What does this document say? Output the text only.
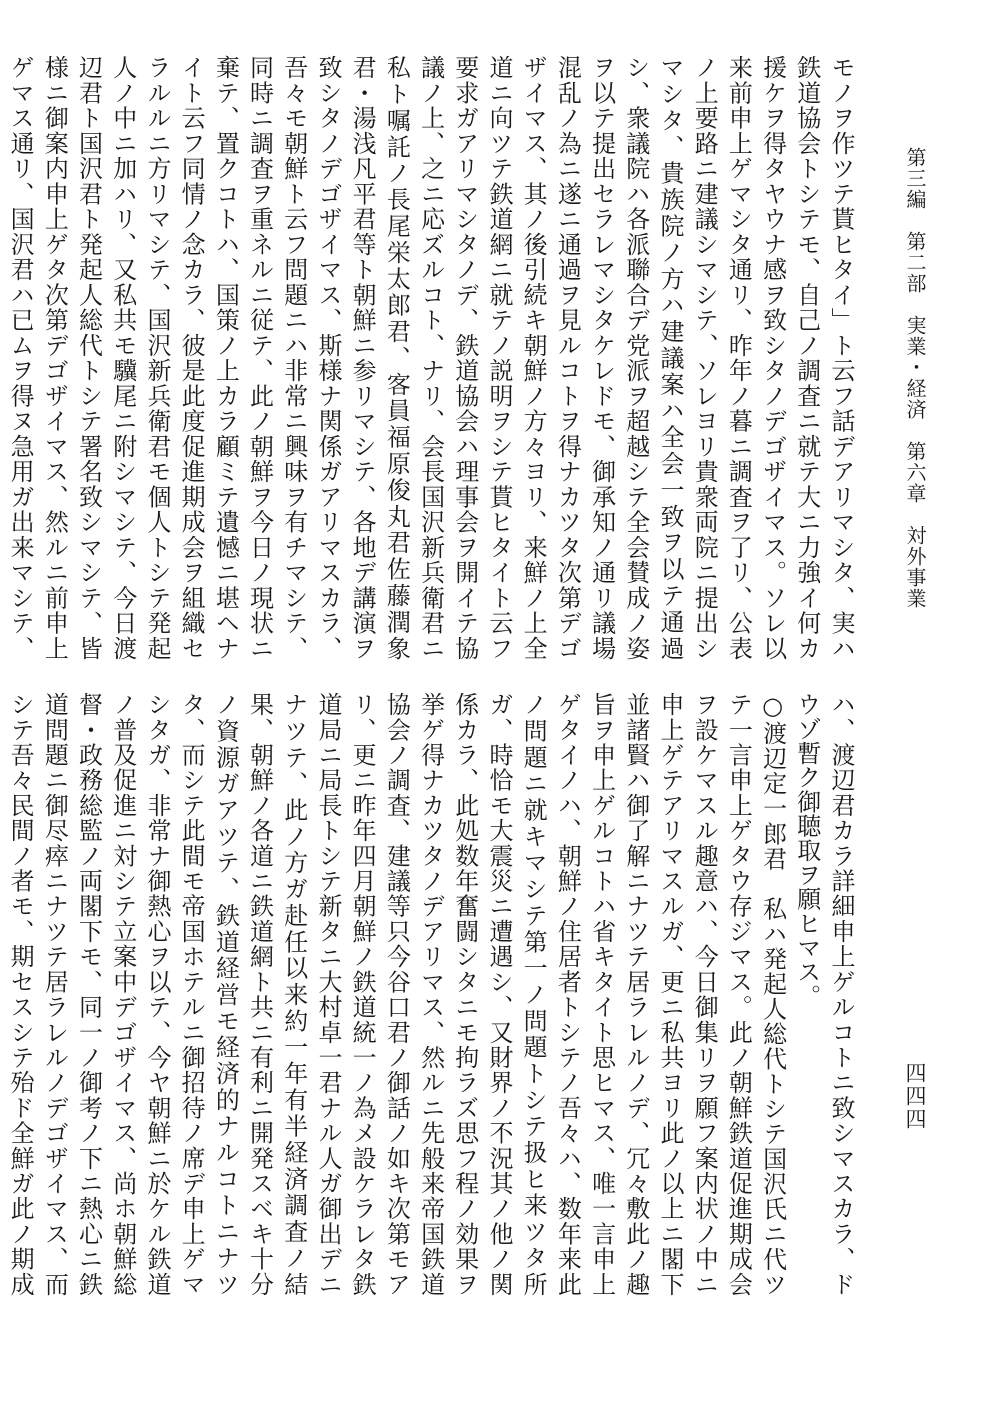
第三編　第二部　実業・経済　第六章　対外事業
四四四

モノヲ作ツテ貰ヒタイ」ト云フ話デアリマシタ、実ハ鉄道協会トシテモ、自己ノ調査ニ就テ大ニ力強イ何カ援ケヲ得タヤウナ感ヲ致シタノデゴザイマス。ソレ以来前申上ゲマシタ通リ、昨年ノ暮ニ調査ヲ了リ、公表ノ上要路ニ建議シマシテ、ソレヨリ貴衆両院ニ提出シマシタ、貴族院ノ方ハ建議案ハ全会一致ヲ以テ通過シ、衆議院ハ各派聯合デ党派ヲ超越シテ全会賛成ノ姿ヲ以テ提出セラレマシタケレドモ、御承知ノ通リ議場混乱ノ為ニ遂ニ通過ヲ見ルコトヲ得ナカツタ次第デゴザイマス、其ノ後引続キ朝鮮ノ方々ヨリ、来鮮ノ上全道ニ向ツテ鉄道網ニ就テノ説明ヲシテ貰ヒタイト云フ要求ガアリマシタノデ、鉄道協会ハ理事会ヲ開イテ協議ノ上、之ニ応ズルコト、ナリ、会長国沢新兵衛君ニ私ト嘱託ノ長尾栄太郎君、客員福原俊丸君佐藤潤象君・湯浅凡平君等ト朝鮮ニ参リマシテ、各地デ講演ヲ致シタノデゴザイマス、斯様ナ関係ガアリマスカラ、吾々モ朝鮮ト云フ問題ニハ非常ニ興味ヲ有チマシテ、同時ニ調査ヲ重ネルニ従テ、此ノ朝鮮ヲ今日ノ現状ニ棄テ、置クコトハ、国策ノ上カラ顧ミテ遺憾ニ堪ヘナイト云フ同情ノ念カラ、彼是此度促進期成会ヲ組織セラルルニ方リマシテ、国沢新兵衛君モ個人トシテ発起人ノ中ニ加ハリ、又私共モ驥尾ニ附シマシテ、今日渡辺君ト国沢君ト発起人総代トシテ署名致シマシテ、皆様ニ御案内申上ゲタ次第デゴザイマス、然ルニ前申上ゲマス通リ、国沢君ハ已ムヲ得ヌ急用ガ出来マシテ、

ハ、渡辺君カラ詳細申上ゲルコトニ致シマスカラ、ドウゾ暫ク御聴取ヲ願ヒマス。

○渡辺定一郎君　私ハ発起人総代トシテ国沢氏ニ代ツテ一言申上ゲタウ存ジマス。此ノ朝鮮鉄道促進期成会ヲ設ケマスル趣意ハ、今日御集リヲ願フ案内状ノ中ニ申上ゲテアリマスルガ、更ニ私共ヨリ此ノ以上ニ閣下並諸賢ハ御了解ニナツテ居ラレルノデ、冗々敷此ノ趣旨ヲ申上ゲルコトハ省キタイト思ヒマス、唯一言申上ゲタイノハ、朝鮮ノ住居者トシテノ吾々ハ、数年来此ノ問題ニ就キマシテ第一ノ問題トシテ扱ヒ来ツタ所ガ、時恰モ大震災ニ遭遇シ、又財界ノ不況其ノ他ノ関係カラ、此処数年奮闘シタニモ拘ラズ思フ程ノ効果ヲ挙ゲ得ナカツタノデアリマス、然ルニ先般来帝国鉄道協会ノ調査、建議等只今谷口君ノ御話ノ如キ次第モアリ、更ニ昨年四月朝鮮ノ鉄道統一ノ為メ設ケラレタ鉄道局ニ局長トシテ新タニ大村卓一君ナル人ガ御出デニナツテ、此ノ方ガ赴任以来約一年有半経済調査ノ結果、朝鮮ノ各道ニ鉄道網ト共ニ有利ニ開発スベキ十分ノ資源ガアツテ、鉄道経営モ経済的ナルコトニナツタ、而シテ此間モ帝国ホテルニ御招待ノ席デ申上ゲマシタガ、非常ナ御熱心ヲ以テ、今ヤ朝鮮ニ於ケル鉄道ノ普及促進ニ対シテ立案中デゴザイマス、尚ホ朝鮮総督・政務総監ノ両閣下モ、同一ノ御考ノ下ニ熱心ニ鉄道問題ニ御尽瘁ニナツテ居ラレルノデゴザイマス、而シテ吾々民間ノ者モ、期セスシテ殆ド全鮮ガ此ノ期成
